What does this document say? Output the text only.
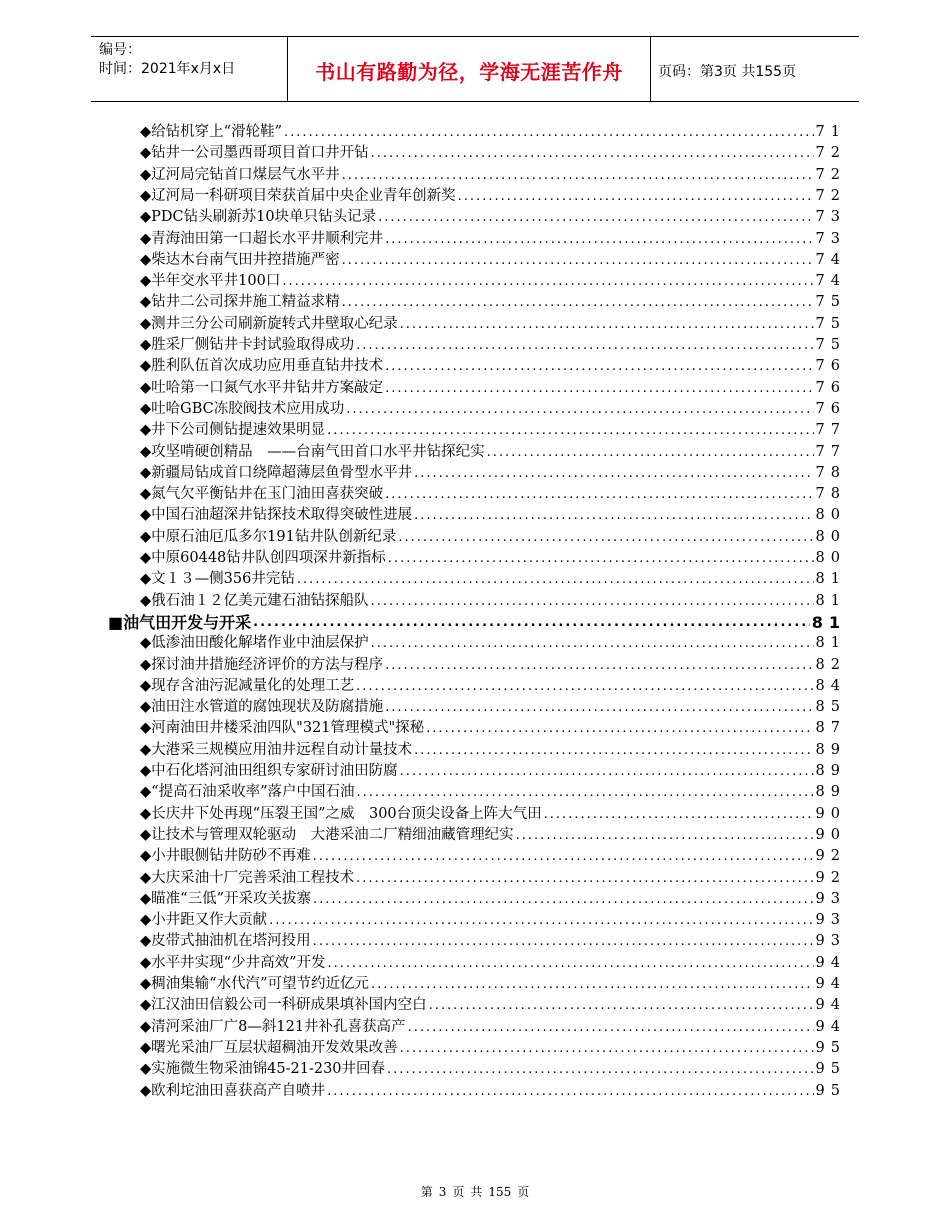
编号：
时间：2021年x月x日	书山有路勤为径，学海无涯苦作舟	页码：第3页 共155页
◆ 给钻机穿上“滑轮鞋” .....	71
◆ 钻井一公司墨西哥项目首口井开钻 .....	72
◆ 辽河局完钻首口煤层气水平井 .....	72
◆ 辽河局一科研项目荣获首届中央企业青年创新奖 .....	72
◆ PDC钻头刷新苏10块单只钻头记录 .....	73
◆ 青海油田第一口超长水平井顺利完井 .....	73
◆ 柴达木台南气田井控措施严密 .....	74
◆ 半年交水平井100口 .....	74
◆ 钻井二公司探井施工精益求精 .....	75
◆ 测井三分公司刷新旋转式井壁取心纪录 .....	75
◆ 胜采厂侧钻井卡封试验取得成功 .....	75
◆ 胜利队伍首次成功应用垂直钻井技术 .....	76
◆ 吐哈第一口氮气水平井钻井方案敲定 .....	76
◆ 吐哈GBC冻胶阀技术应用成功 .....	76
◆ 井下公司侧钻提速效果明显 .....	77
◆ 攻坚啃硬创精品　——台南气田首口水平井钻探纪实 .....	77
◆ 新疆局钻成首口绕障超薄层鱼骨型水平井 .....	78
◆ 氮气欠平衡钻井在玉门油田喜获突破 .....	78
◆ 中国石油超深井钻探技术取得突破性进展 .....	80
◆ 中原石油厄瓜多尔191钻井队创新纪录 .....	80
◆ 中原60448钻井队创四项深井新指标 .....	80
◆ 文１３—侧356井完钻 .....	81
◆ 俄石油１２亿美元建石油钻探船队 .....	81
■ 油气田开发与开采 .....	81
◆ 低渗油田酸化解堵作业中油层保护 .....	81
◆ 探讨油井措施经济评价的方法与程序 .....	82
◆ 现存含油污泥减量化的处理工艺 .....	84
◆ 油田注水管道的腐蚀现状及防腐措施 .....	85
◆ 河南油田井楼采油四队"321管理模式"探秘 .....	87
◆ 大港采三规模应用油井远程自动计量技术 .....	89
◆ 中石化塔河油田组织专家研讨油田防腐 .....	89
◆ “提高石油采收率”落户中国石油 .....	89
◆ 长庆井下处再现“压裂王国”之威　300台顶尖设备上阵大气田 .....	90
◆ 让技术与管理双轮驱动　大港采油二厂精细油藏管理纪实 .....	90
◆ 小井眼侧钻井防砂不再难 .....	92
◆ 大庆采油十厂完善采油工程技术 .....	92
◆ 瞄准“三低”开采攻关拔寨 .....	93
◆ 小井距又作大贡献 .....	93
◆ 皮带式抽油机在塔河投用 .....	93
◆ 水平井实现“少井高效”开发 .....	94
◆ 稠油集输“水代汽”可望节约近亿元 .....	94
◆ 江汉油田信毅公司一科研成果填补国内空白 .....	94
◆ 清河采油厂广8—斜121井补孔喜获高产 .....	94
◆ 曙光采油厂互层状超稠油开发效果改善 .....	95
◆ 实施微生物采油锦45-21-230井回春 .....	95
◆ 欧利坨油田喜获高产自喷井 .....	95
第 3 页 共 155 页
